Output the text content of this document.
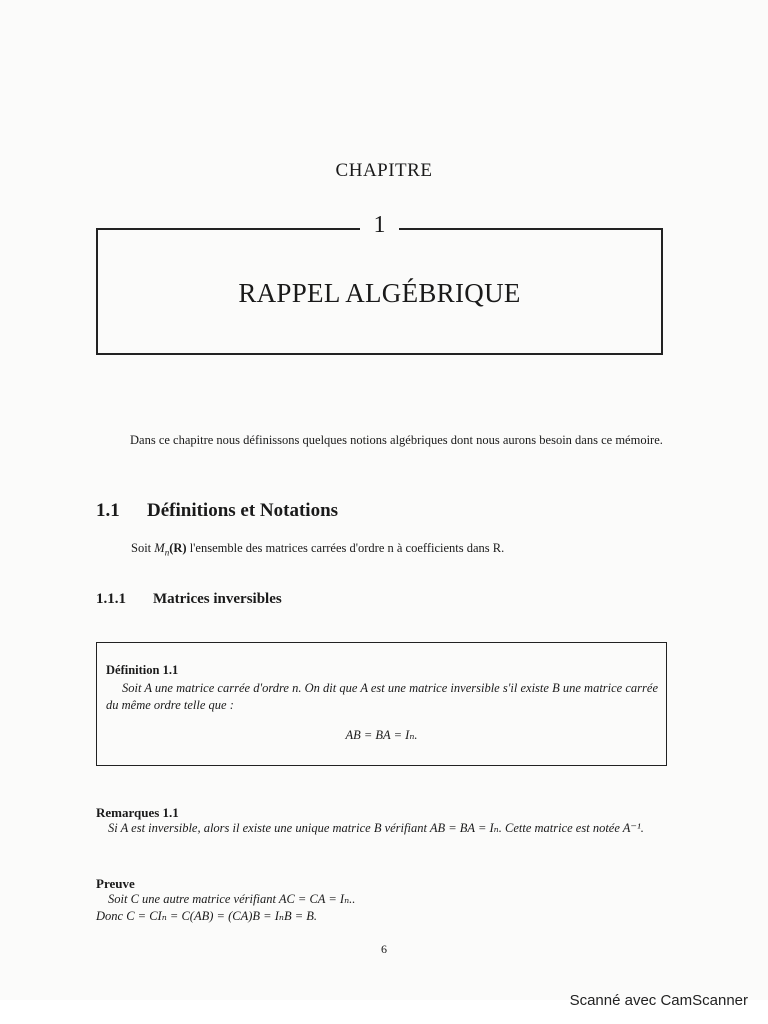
CHAPITRE
1
RAPPEL ALGÉBRIQUE

Dans ce chapitre nous définissons quelques notions algébriques dont nous aurons besoin dans ce mémoire.

1.1 Définitions et Notations
Soit $M_n(R)$ l'ensemble des matrices carrées d'ordre n à coefficients dans R.
1.1.1 Matrices inversibles
Définition 1.1
Soit A une matrice carrée d'ordre n. On dit que A est une matrice inversible s'il existe B une matrice carrée du même ordre telle que :
AB = BA = Iₙ.
Remarques 1.1
Si A est inversible, alors il existe une unique matrice B vérifiant AB = BA = Iₙ. Cette matrice est notée A⁻¹.
Preuve
Soit C une autre matrice vérifiant AC = CA = Iₙ..
Donc C = CIₙ = C(AB) = (CA)B = IₙB = B.
6
Scanné avec CamScanner
